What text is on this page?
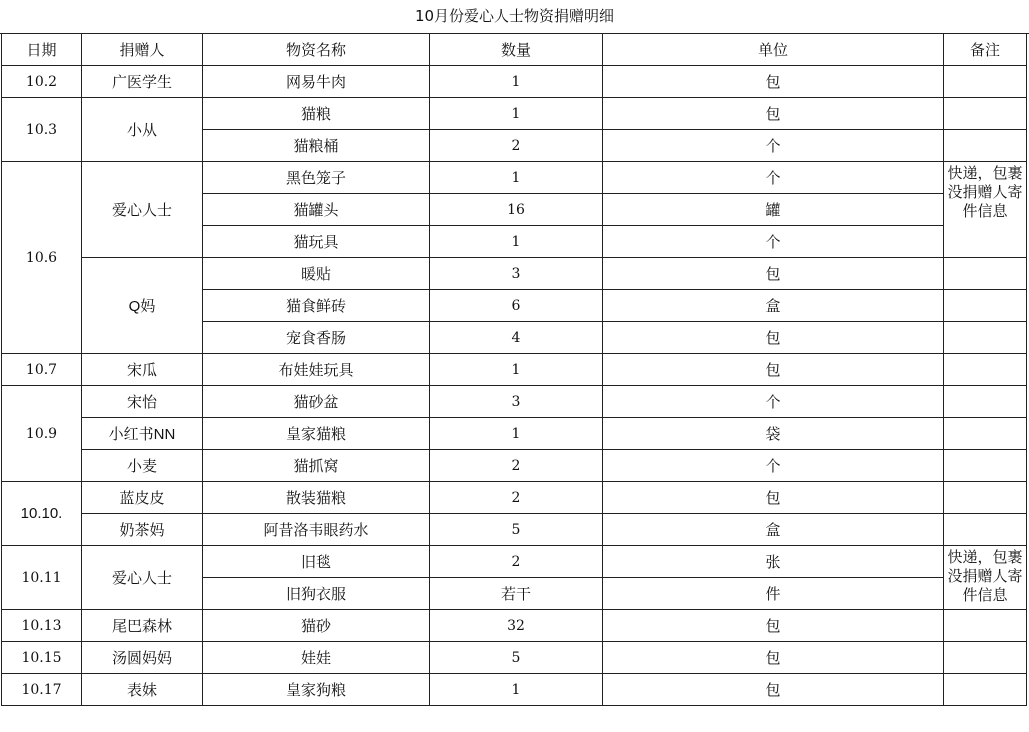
10月份爱心人士物资捐赠明细
日期	捐赠人	物资名称	数量	单位	备注
10.2	广医学生	网易牛肉	1	包	
10.3	小从	猫粮	1	包	
		猫粮桶	2	个	
10.6	爱心人士	黑色笼子	1	个	快递，包裹没捐赠人寄件信息
		猫罐头	16	罐	
		猫玩具	1	个	
	Q妈	暖贴	3	包	
		猫食鲜砖	6	盒	
		宠食香肠	4	包	
10.7	宋瓜	布娃娃玩具	1	包	
10.9	宋怡	猫砂盆	3	个	
	小红书NN	皇家猫粮	1	袋	
	小麦	猫抓窝	2	个	
10.10.	蓝皮皮	散装猫粮	2	包	
	奶茶妈	阿昔洛韦眼药水	5	盒	
10.11	爱心人士	旧毯	2	张	快递，包裹没捐赠人寄件信息
		旧狗衣服	若干	件	
10.13	尾巴森林	猫砂	32	包	
10.15	汤圆妈妈	娃娃	5	包	
10.17	表妹	皇家狗粮	1	包	
